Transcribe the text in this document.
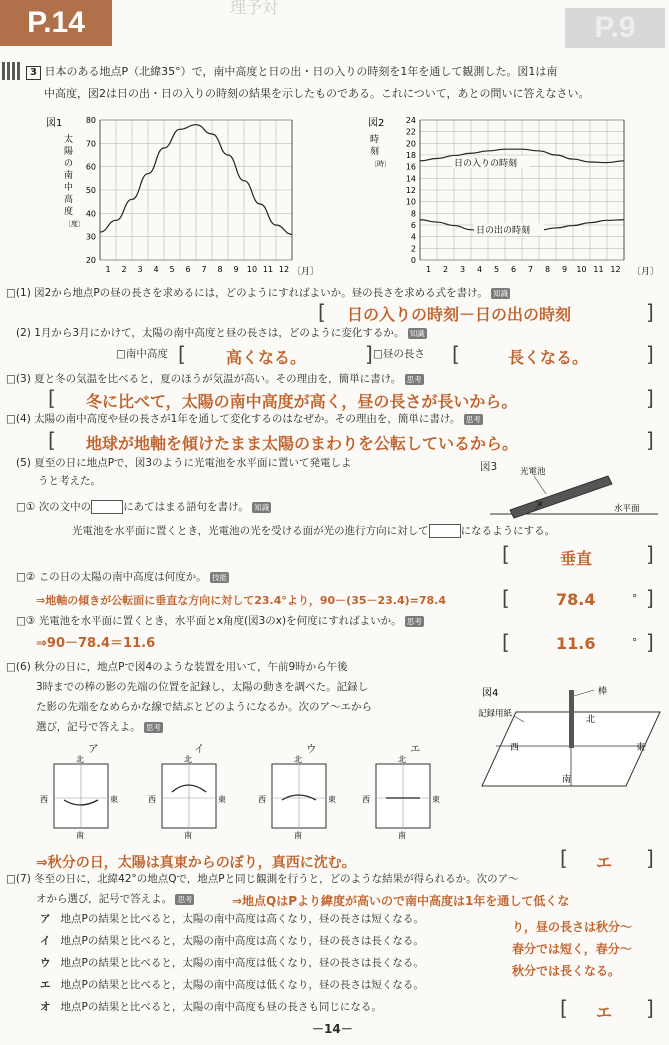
P.14	理予対
P.9
3 日本のある地点P（北緯35°）で，南中高度と日の出・日の入りの時刻を1年を通して観測した。図1は南
中高度，図2は日の出・日の入りの時刻の結果を示したものである。これについて，あとの問いに答えなさい。
図1	80
70
60
50
40
30
20
1 2 3 4 5 6 7 8 9 10 11 12
太
陽
の
南
中
高
度
〔度〕
〔月〕
図2	24
22
20
18
16
14
12
10
8
6
4
2
0
1 2 3 4 5 6 7 8 9 10 11 12
時
刻
〔時〕	日の入りの時刻
日の出の時刻
〔月〕
□(1) 図2から地点Pの昼の長さを求めるには，どのようにすればよいか。昼の長さを求める式を書け。 知識
[ 日の入りの時刻－日の出の時刻	]
(2) 1月から3月にかけて，太陽の南中高度と昼の長さは，どのように変化するか。 知識
□南中高度 [	高くなる。	] □昼の長さ [	長くなる。	]
□(3) 夏と冬の気温を比べると，夏のほうが気温が高い。その理由を，簡単に書け。 思考
[ 冬に比べて，太陽の南中高度が高く，昼の長さが長いから。	]
□(4) 太陽の南中高度や昼の長さが1年を通して変化するのはなぜか。その理由を，簡単に書け。 思考
[ 地球が地軸を傾けたまま太陽のまわりを公転しているから。	]
(5) 夏至の日に地点Pで，図3のように光電池を水平面に置いて発電しよ
うと考えた。
図3
x
光電池
水平面
□① 次の文中の	にあてはまる語句を書け。 知識
光電池を水平面に置くとき，光電池の光を受ける面が光の進行方向に対して	になるようにする。
[	垂直	]
□② この日の太陽の南中高度は何度か。 技能
⇒地軸の傾きが公転面に垂直な方向に対して23.4°より，90－(35－23.4)=78.4	[	78.4	° ]
□③ 光電池を水平面に置くとき，水平面とx角度(図3のx)を何度にすればよいか。 思考
⇒90－78.4＝11.6	[	11.6	° ]
□(6) 秋分の日に，地点Pで図4のような装置を用いて，午前9時から午後
3時までの棒の影の先端の位置を記録し，太陽の動きを調べた。記録し
た影の先端をなめらかな線で結ぶとどのようになるか。次のア～エから
選び，記号で答えよ。 思考
図4	棒
記録用紙
北
西	東
南
ア	イ	ウ	エ
北
南
西	東
北
南
西	東
北
南
西	東
北
南
西	東
⇒秋分の日，太陽は真東からのぼり，真西に沈む。	[ エ ]
□(7) 冬至の日に，北緯42°の地点Qで，地点Pと同じ観測を行うと，どのような結果が得られるか。次のア～
オから選び，記号で答えよ。 思考	⇒地点QはPより緯度が高いので南中高度は1年を通して低くな
り，昼の長さは秋分～
春分では短く，春分～
秋分では長くなる。
ア 地点Pの結果と比べると，太陽の南中高度は高くなり，昼の長さは短くなる。
イ 地点Pの結果と比べると，太陽の南中高度は高くなり，昼の長さは長くなる。
ウ 地点Pの結果と比べると，太陽の南中高度は低くなり，昼の長さは長くなる。
エ 地点Pの結果と比べると，太陽の南中高度は低くなり，昼の長さは短くなる。
オ 地点Pの結果と比べると，太陽の南中高度も昼の長さも同じになる。	[ エ ]
－14－
